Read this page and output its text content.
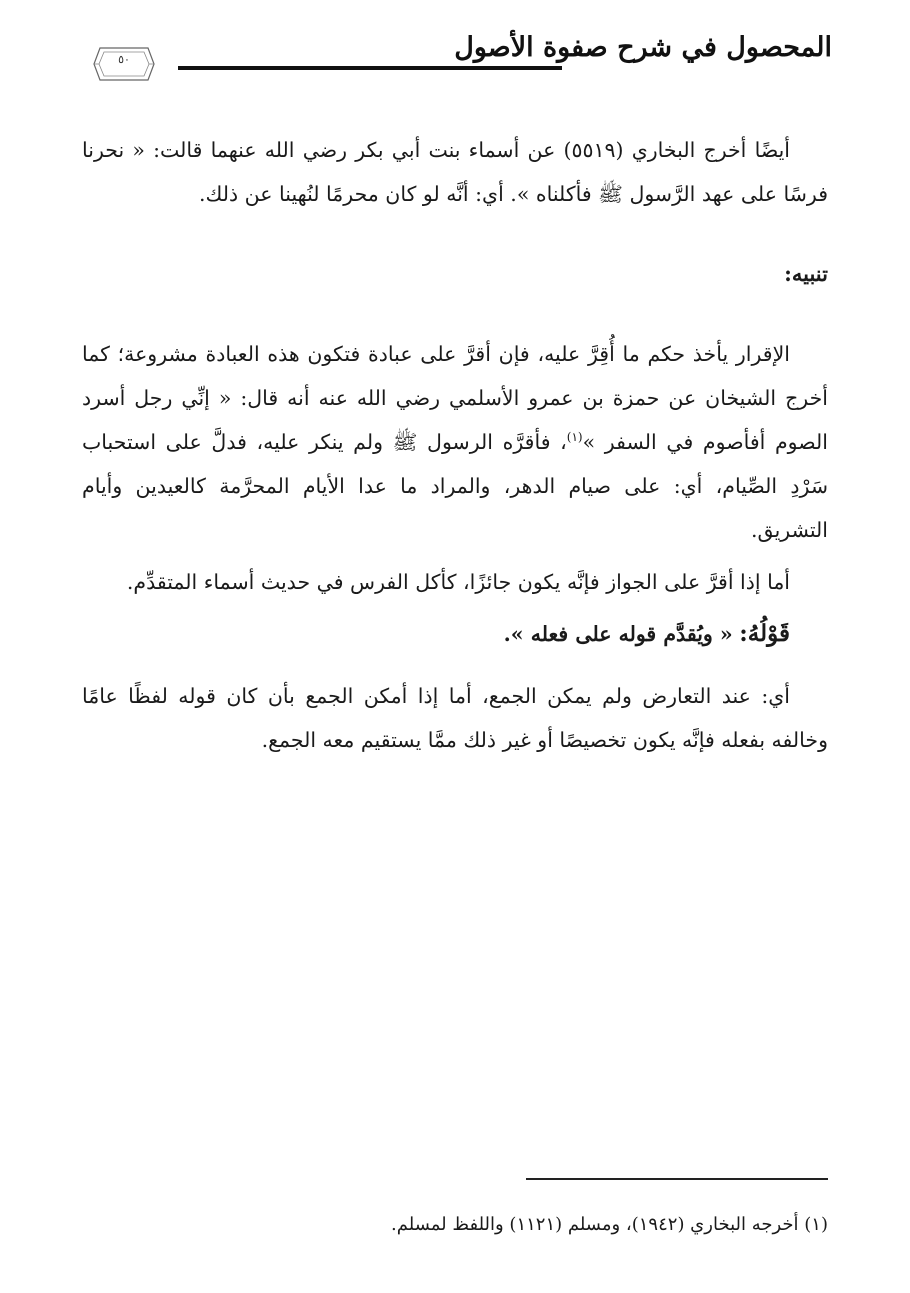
المحصول في شرح صفوة الأصول
٥٠

أيضًا أخرج البخاري (٥٥١٩) عن أسماء بنت أبي بكر رضي الله عنهما قالت: « نحرنا فرسًا على عهد الرَّسول ﷺ فأكلناه ». أي: أنَّه لو كان محرمًا لنُهينا عن ذلك.

تنبيه:

الإقرار يأخذ حكم ما أُقِرَّ عليه، فإن أقرَّ على عبادة فتكون هذه العبادة مشروعة؛ كما أخرج الشيخان عن حمزة بن عمرو الأسلمي رضي الله عنه أنه قال: « إنِّي رجل أسرد الصوم أفأصوم في السفر »$^{(١)}$، فأقرَّه الرسول ﷺ ولم ينكر عليه، فدلَّ على استحباب سَرْدِ الصِّيام، أي: على صيام الدهر، والمراد ما عدا الأيام المحرَّمة كالعيدين وأيام التشريق.

أما إذا أقرَّ على الجواز فإنَّه يكون جائزًا، كأكل الفرس في حديث أسماء المتقدِّم.

قَوْلُهُ: « ويُقدَّم قوله على فعله ».

أي: عند التعارض ولم يمكن الجمع، أما إذا أمكن الجمع بأن كان قوله لفظًا عامًا وخالفه بفعله فإنَّه يكون تخصيصًا أو غير ذلك ممَّا يستقيم معه الجمع.

(١) أخرجه البخاري (١٩٤٢)، ومسلم (١١٢١) واللفظ لمسلم.
